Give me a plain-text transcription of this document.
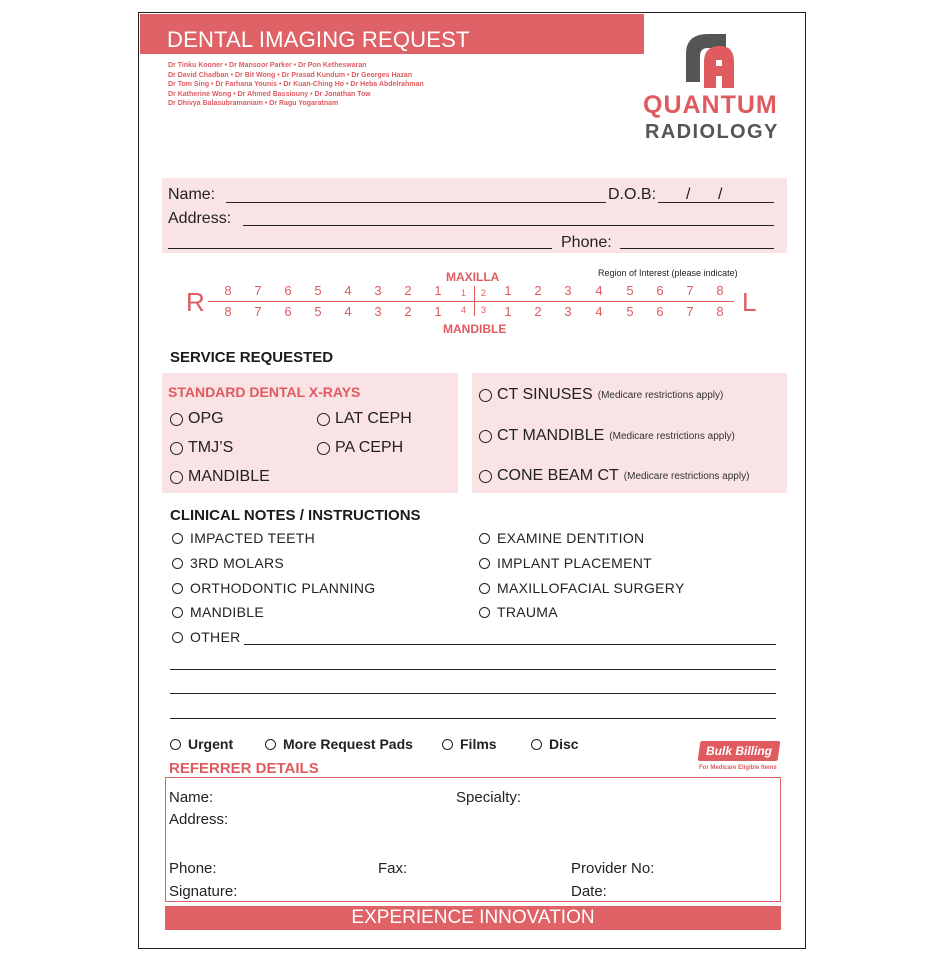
DENTAL IMAGING REQUEST
Dr Tinku Kooner • Dr Mansoor Parker • Dr Pon Ketheswaran
Dr David Chadban • Dr Bit Wong • Dr Prasad Kundum • Dr Georges Hazan
Dr Tom Sing • Dr Farhana Younis • Dr Kuan-Ching Ho • Dr Heba Abdelrahman
Dr Katherine Wong • Dr Ahmed Bassiouny • Dr Jonathan Tow
Dr Dhivya Balasubramaniam • Dr Ragu Yogaratnam	QUANTUM
RADIOLOGY
Name:	D.O.B: / /
Address:
Phone:
R	L
MAXILLA
MANDIBLE
Region of Interest (please indicate)
8	7	6	5	4	3	2	1	1 2	1	2	3	4	5	6	7	8
8	7	6	5	4	3	2	1	4 3	1	2	3	4	5	6	7	8
SERVICE REQUESTED
STANDARD DENTAL X-RAYS
OPG
TMJ’S
MANDIBLE
LAT CEPH
PA CEPH
CT SINUSES (Medicare restrictions apply)
CT MANDIBLE (Medicare restrictions apply)
CONE BEAM CT (Medicare restrictions apply)
CLINICAL NOTES / INSTRUCTIONS
IMPACTED TEETH
3RD MOLARS
ORTHODONTIC PLANNING
MANDIBLE
OTHER
EXAMINE DENTITION
IMPLANT PLACEMENT
MAXILLOFACIAL SURGERY
TRAUMA
Urgent	More Request Pads	Films	Disc	Bulk Billing
For Medicare Eligible Items
REFERRER DETAILS
Name:	Specialty:
Address:
Phone:	Fax:	Provider No:
Signature:	Date:
EXPERIENCE INNOVATION
